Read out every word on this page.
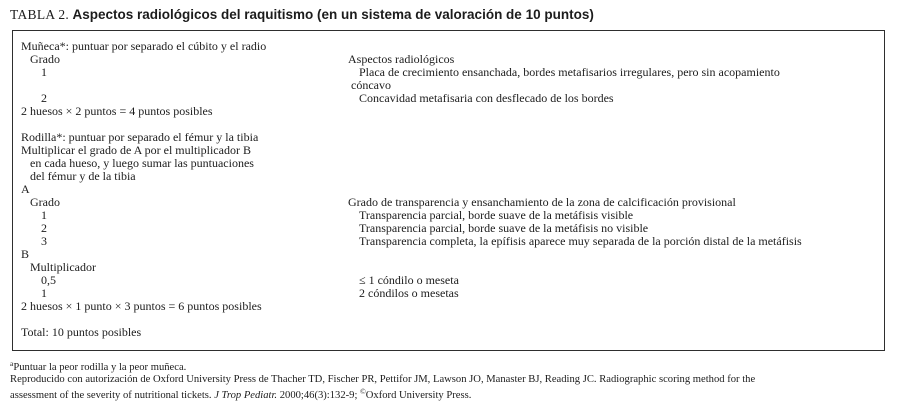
TABLA 2. Aspectos radiológicos del raquitismo (en un sistema de valoración de 10 puntos)
Muñeca*: puntuar por separado el cúbito y el radio
Grado	Aspectos radiológicos
1	Placa de crecimiento ensanchada, bordes metafisarios irregulares, pero sin acopamiento

cóncavo
2	Concavidad metafisaria con desflecado de los bordes
2 huesos × 2 puntos = 4 puntos posibles

Rodilla*: puntuar por separado el fémur y la tibia
Multiplicar el grado de A por el multiplicador B
en cada hueso, y luego sumar las puntuaciones
del fémur y de la tibia
A
Grado	Grado de transparencia y ensanchamiento de la zona de calcificación provisional
1	Transparencia parcial, borde suave de la metáfisis visible
2	Transparencia parcial, borde suave de la metáfisis no visible
3	Transparencia completa, la epífisis aparece muy separada de la porción distal de la metáfisis
B
Multiplicador
0,5	≤ 1 cóndilo o meseta
1	2 cóndilos o mesetas
2 huesos × 1 punto × 3 puntos = 6 puntos posibles

Total: 10 puntos posibles
$^a$Puntuar la peor rodilla y la peor muñeca.
Reproducido con autorización de Oxford University Press de Thacher TD, Fischer PR, Pettifor JM, Lawson JO, Manaster BJ, Reading JC. Radiographic scoring method for the
assessment of the severity of nutritional tickets. J Trop Pediatr. 2000;46(3):132-9; ©Oxford University Press.
